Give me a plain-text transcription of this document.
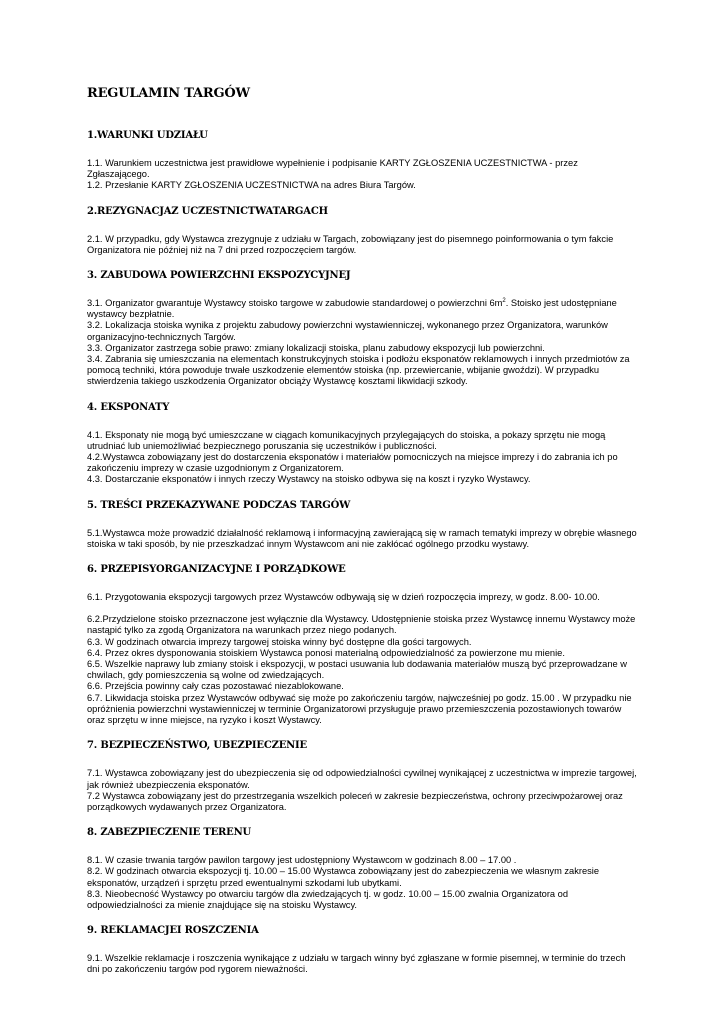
REGULAMIN TARGÓW
1.WARUNKI UDZIAŁU

1.1. Warunkiem uczestnictwa jest prawidłowe wypełnienie i podpisanie KARTY ZGŁOSZENIA UCZESTNICTWA - przez Zgłaszającego.

1.2. Przesłanie KARTY ZGŁOSZENIA UCZESTNICTWA na adres Biura Targów.

2.REZYGNACJAZ UCZESTNICTWATARGACH

2.1. W przypadku, gdy Wystawca zrezygnuje z udziału w Targach, zobowiązany jest do pisemnego poinformowania o tym fakcie Organizatora nie później niż na 7 dni przed rozpoczęciem targów.

3. ZABUDOWA POWIERZCHNI EKSPOZYCYJNEJ

3.1. Organizator gwarantuje Wystawcy stoisko targowe w zabudowie standardowej o powierzchni $6m^2$. Stoisko jest udostępniane wystawcy bezpłatnie.

3.2. Lokalizacja stoiska wynika z projektu zabudowy powierzchni wystawienniczej, wykonanego przez Organizatora, warunków organizacyjno-technicznych Targów.

3.3. Organizator zastrzega sobie prawo: zmiany lokalizacji stoiska, planu zabudowy ekspozycji lub powierzchni.

3.4. Zabrania się umieszczania na elementach konstrukcyjnych stoiska i podłożu eksponatów reklamowych i innych przedmiotów za pomocą techniki, która powoduje trwałe uszkodzenie elementów stoiska (np. przewiercanie, wbijanie gwoździ). W przypadku stwierdzenia takiego uszkodzenia Organizator obciąży Wystawcę kosztami likwidacji szkody.

4. EKSPONATY

4.1. Eksponaty nie mogą być umieszczane w ciągach komunikacyjnych przylegających do stoiska, a pokazy sprzętu nie mogą utrudniać lub uniemożliwiać bezpiecznego poruszania się uczestników i publiczności.

4.2.Wystawca zobowiązany jest do dostarczenia eksponatów i materiałów pomocniczych na miejsce imprezy i do zabrania ich po zakończeniu imprezy w czasie uzgodnionym z Organizatorem.

4.3. Dostarczanie eksponatów i innych rzeczy Wystawcy na stoisko odbywa się na koszt i ryzyko Wystawcy.

5. TREŚCI PRZEKAZYWANE PODCZAS TARGÓW

5.1.Wystawca może prowadzić działalność reklamową i informacyjną zawierającą się w ramach tematyki imprezy w obrębie własnego stoiska w taki sposób, by nie przeszkadzać innym Wystawcom ani nie zakłócać ogólnego przodku wystawy.

6. PRZEPISYORGANIZACYJNE I PORZĄDKOWE

6.1. Przygotowania ekspozycji targowych przez Wystawców odbywają się w dzień rozpoczęcia imprezy, w godz. 8.00- 10.00.

6.2.Przydzielone stoisko przeznaczone jest wyłącznie dla Wystawcy. Udostępnienie stoiska przez Wystawcę innemu Wystawcy może nastąpić tylko za zgodą Organizatora na warunkach przez niego podanych.

6.3. W godzinach otwarcia imprezy targowej stoiska winny być dostępne dla gości targowych.

6.4. Przez okres dysponowania stoiskiem Wystawca ponosi materialną odpowiedzialność za powierzone mu mienie.

6.5. Wszelkie naprawy lub zmiany stoisk i ekspozycji, w postaci usuwania lub dodawania materiałów muszą być przeprowadzane w chwilach, gdy pomieszczenia są wolne od zwiedzających.

6.6. Przejścia powinny cały czas pozostawać niezablokowane.

6.7. Likwidacja stoiska przez Wystawców odbywać się może po zakończeniu targów, najwcześniej po godz. 15.00 . W przypadku nie opróżnienia powierzchni wystawienniczej w terminie Organizatorowi przysługuje prawo przemieszczenia pozostawionych towarów oraz sprzętu w inne miejsce, na ryzyko i koszt Wystawcy.

7. BEZPIECZEŃSTWO, UBEZPIECZENIE

7.1. Wystawca zobowiązany jest do ubezpieczenia się od odpowiedzialności cywilnej wynikającej z uczestnictwa w imprezie targowej, jak również ubezpieczenia eksponatów.

7.2 Wystawca zobowiązany jest do przestrzegania wszelkich poleceń w zakresie bezpieczeństwa, ochrony przeciwpożarowej oraz porządkowych wydawanych przez Organizatora.

8. ZABEZPIECZENIE TERENU

8.1. W czasie trwania targów pawilon targowy jest udostępniony Wystawcom w godzinach 8.00 – 17.00 .

8.2. W godzinach otwarcia ekspozycji tj. 10.00 – 15.00 Wystawca zobowiązany jest do zabezpieczenia we własnym zakresie eksponatów, urządzeń i sprzętu przed ewentualnymi szkodami lub ubytkami.

8.3. Nieobecność Wystawcy po otwarciu targów dla zwiedzających tj. w godz. 10.00 – 15.00 zwalnia Organizatora od odpowiedzialności za mienie znajdujące się na stoisku Wystawcy.

9. REKLAMACJEI ROSZCZENIA

9.1. Wszelkie reklamacje i roszczenia wynikające z udziału w targach winny być zgłaszane w formie pisemnej, w terminie do trzech dni po zakończeniu targów pod rygorem nieważności.
